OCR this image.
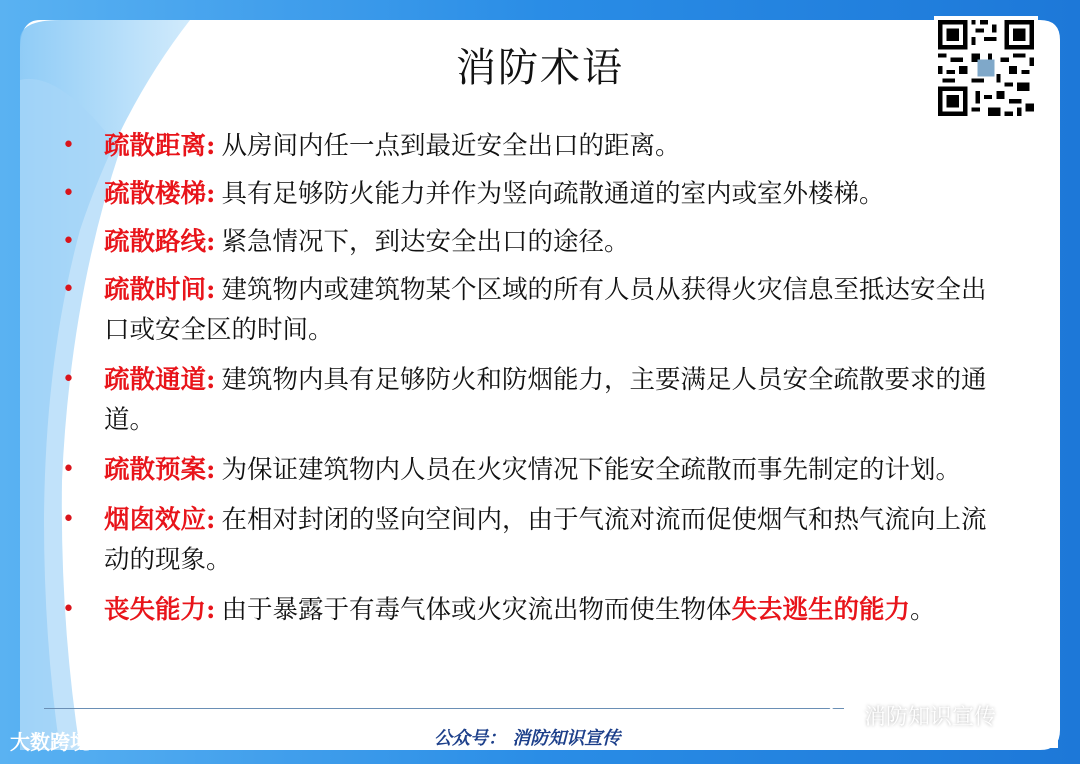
消防术语
• 疏散距离: 从房间内任一点到最近安全出口的距离。
• 疏散楼梯: 具有足够防火能力并作为竖向疏散通道的室内或室外楼梯。
• 疏散路线: 紧急情况下，到达安全出口的途径。
• 疏散时间: 建筑物内或建筑物某个区域的所有人员从获得火灾信息至抵达安全出口或安全区的时间。
• 疏散通道: 建筑物内具有足够防火和防烟能力，主要满足人员安全疏散要求的通道。
• 疏散预案: 为保证建筑物内人员在火灾情况下能安全疏散而事先制定的计划。
• 烟囱效应: 在相对封闭的竖向空间内，由于气流对流而促使烟气和热气流向上流动的现象。
• 丧失能力: 由于暴露于有毒气体或火灾流出物而使生物体失去逃生的能力。
大数跨境	公众号： 消防知识宣传
消防知识宣传
